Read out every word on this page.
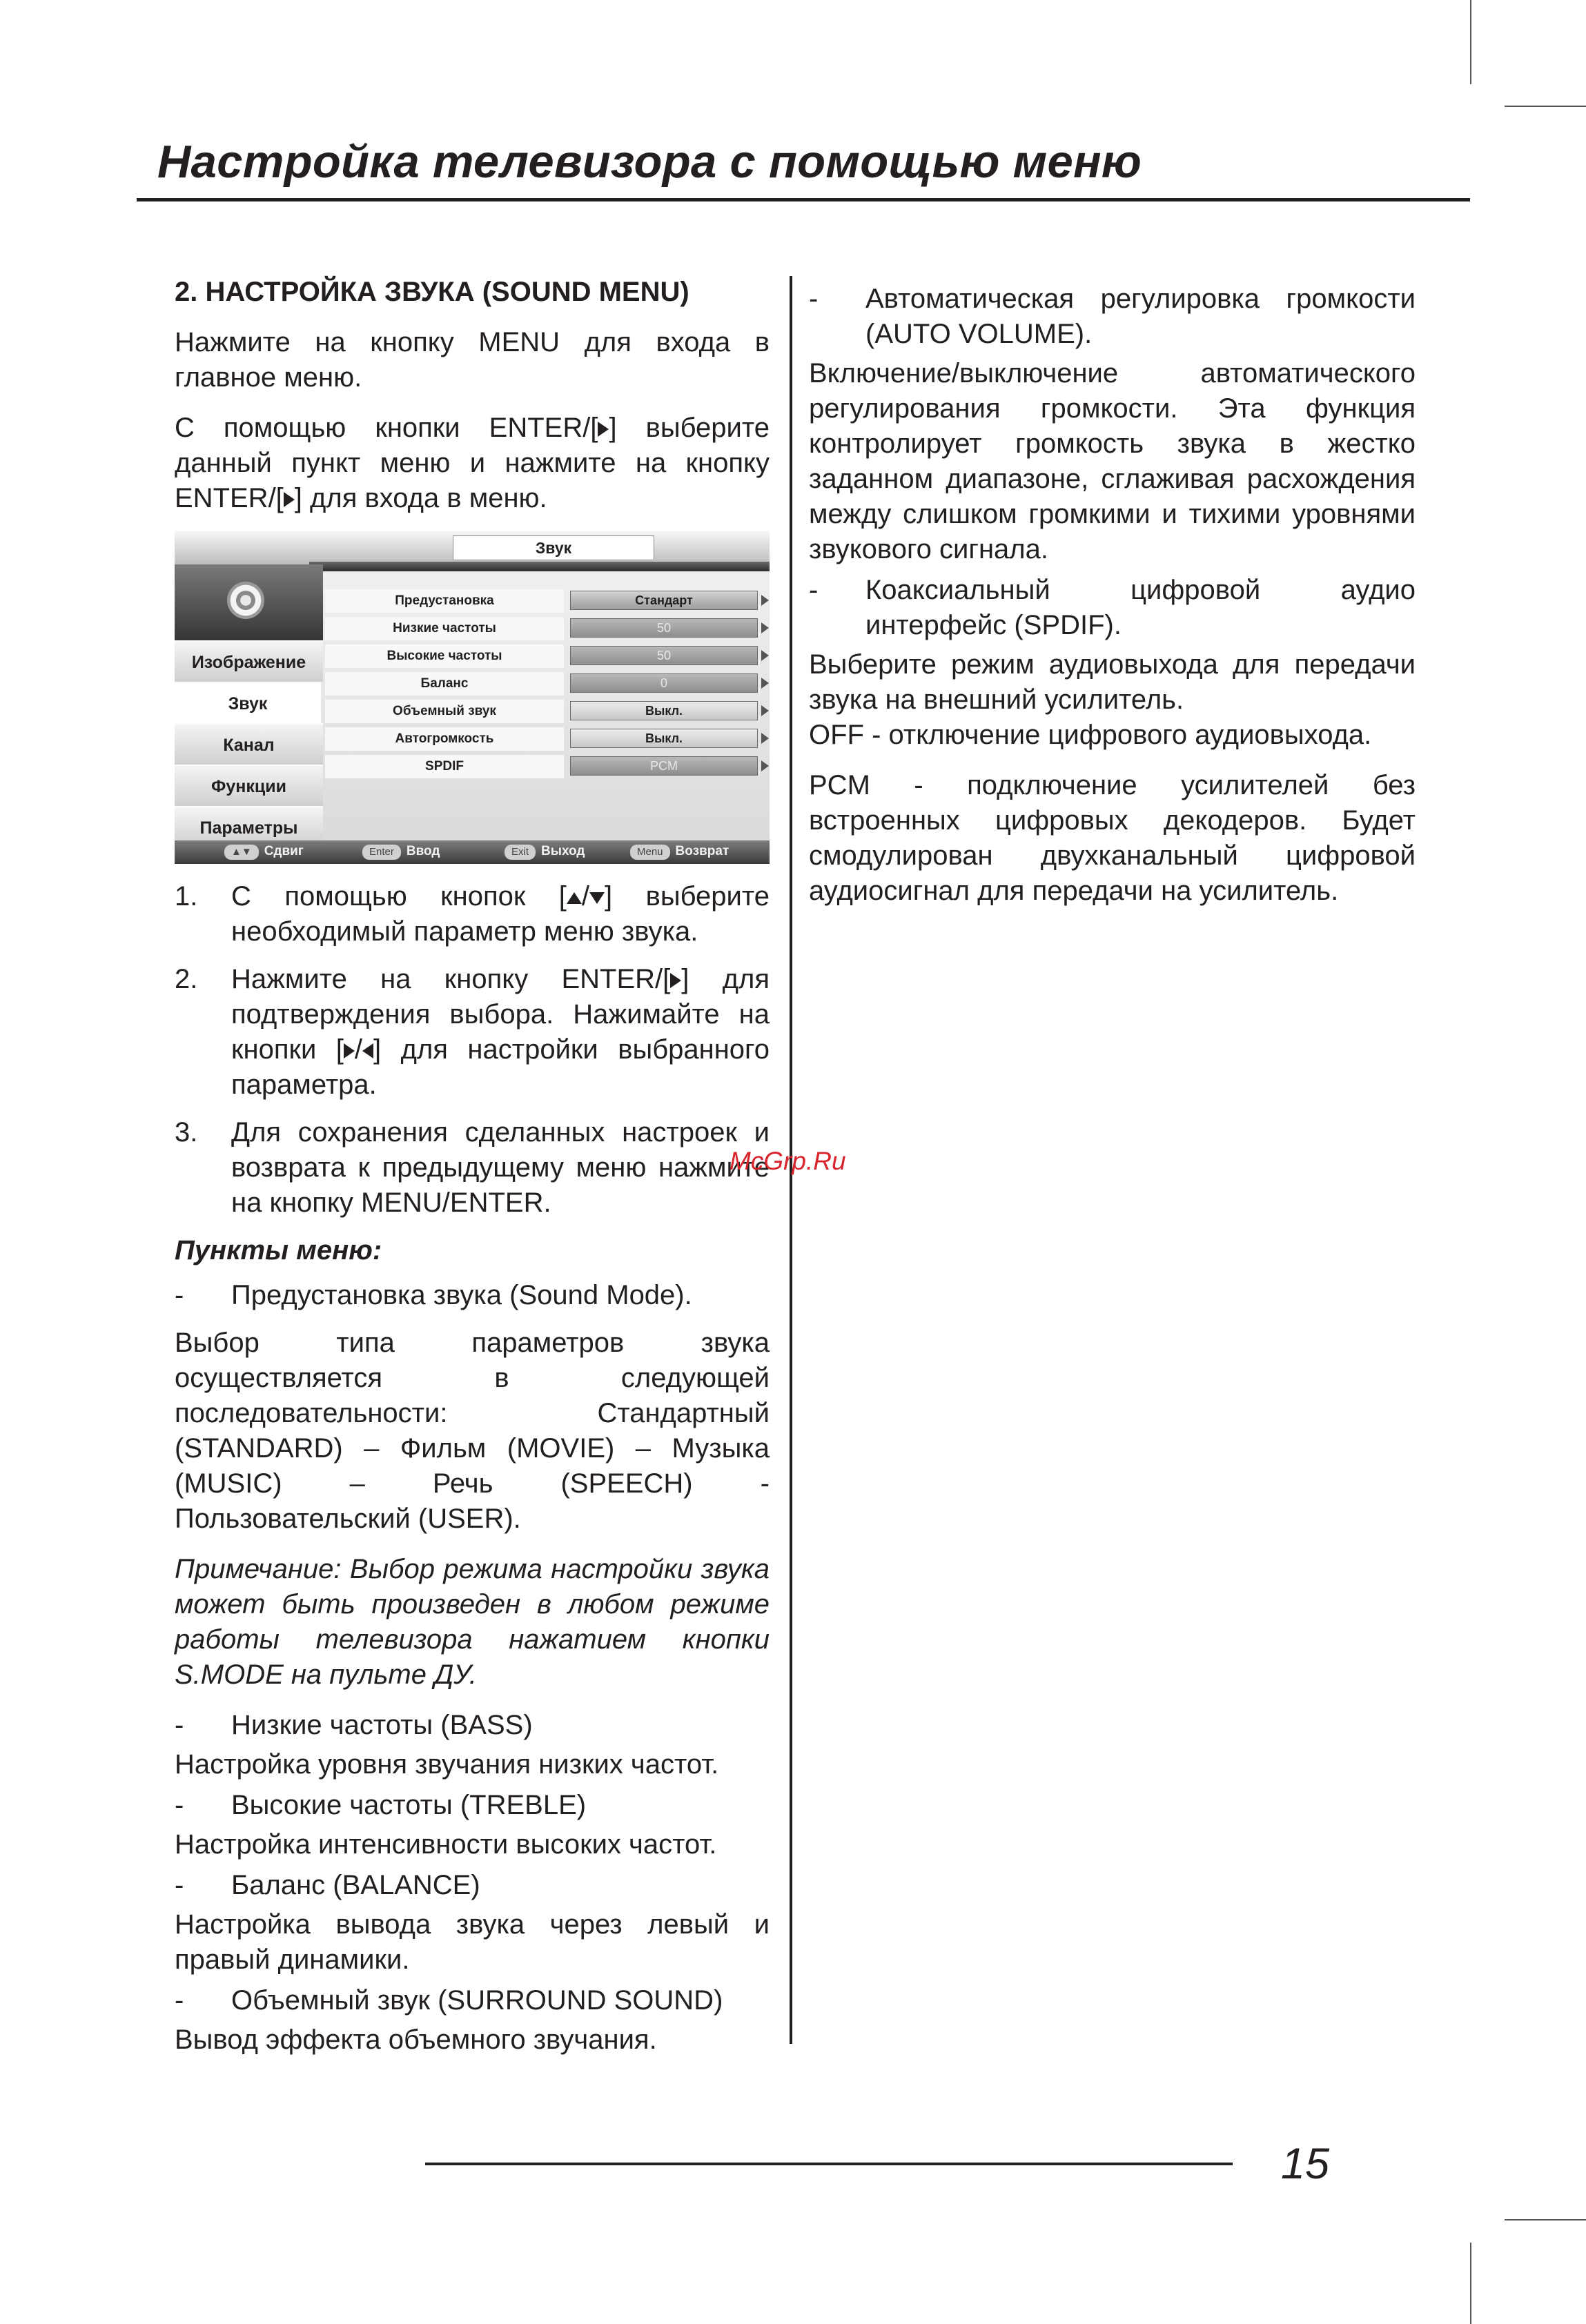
Настройка телевизора с помощью меню
2. НАСТРОЙКА ЗВУКА (SOUND MENU)

Нажмите на кнопку MENU для входа в главное меню.

С помощью кнопки ENTER/[ ] выберите данный пункт меню и нажмите на кнопку ENTER/[ ] для входа в меню.

Звук
Изображение
Звук
Канал
Функции
Параметры
Предустановка	Стандарт
Низкие частоты	50
Высокие частоты	50
Баланс	0
Объемный звук	Выкл.
Автогромкость	Выкл.
SPDIF	PCM
▲▼ Сдвиг	Enter Ввод	Exit Выход	Menu Возврат
1. С помощью кнопок [ / ] выберите необходимый параметр меню звука.
2. Нажмите на кнопку ENTER/[ ] для подтверждения выбора. Нажимайте на кнопки [ / ] для настройки выбранного параметра.
3. Для сохранения сделанных настроек и возврата к предыдущему меню нажмите на кнопку MENU/ENTER.

Пункты меню:

- Предустановка звука (Sound Mode).

Выбор типа параметров звука осуществляется в следующей последовательности: Стандартный (STANDARD) – Фильм (MOVIE) – Музыка (MUSIC) – Речь (SPEECH) - Пользовательский (USER).

Примечание: Выбор режима настройки звука может быть произведен в любом режиме работы телевизора нажатием кнопки S.MODE на пульте ДУ.

- Низкие частоты (BASS)

Настройка уровня звучания низких частот.

- Высокие частоты (TREBLE)

Настройка интенсивности высоких частот.

- Баланс (BALANCE)

Настройка вывода звука через левый и правый динамики.

- Объемный звук (SURROUND SOUND)

Вывод эффекта объемного звучания.

- Автоматическая регулировка громкости (AUTO VOLUME).

Включение/выключение автоматического регулирования громкости. Эта функция контролирует громкость звука в жестко заданном диапазоне, сглаживая расхождения между слишком громкими и тихими уровнями звукового сигнала.

- Коаксиальный цифровой аудио интерфейс (SPDIF).

Выберите режим аудиовыхода для передачи звука на внешний усилитель.

OFF - отключение цифрового аудиовыхода.

PCM - подключение усилителей без встроенных цифровых декодеров. Будет смодулирован двухканальный цифровой аудиосигнал для передачи на усилитель.

McGrp.Ru
15
